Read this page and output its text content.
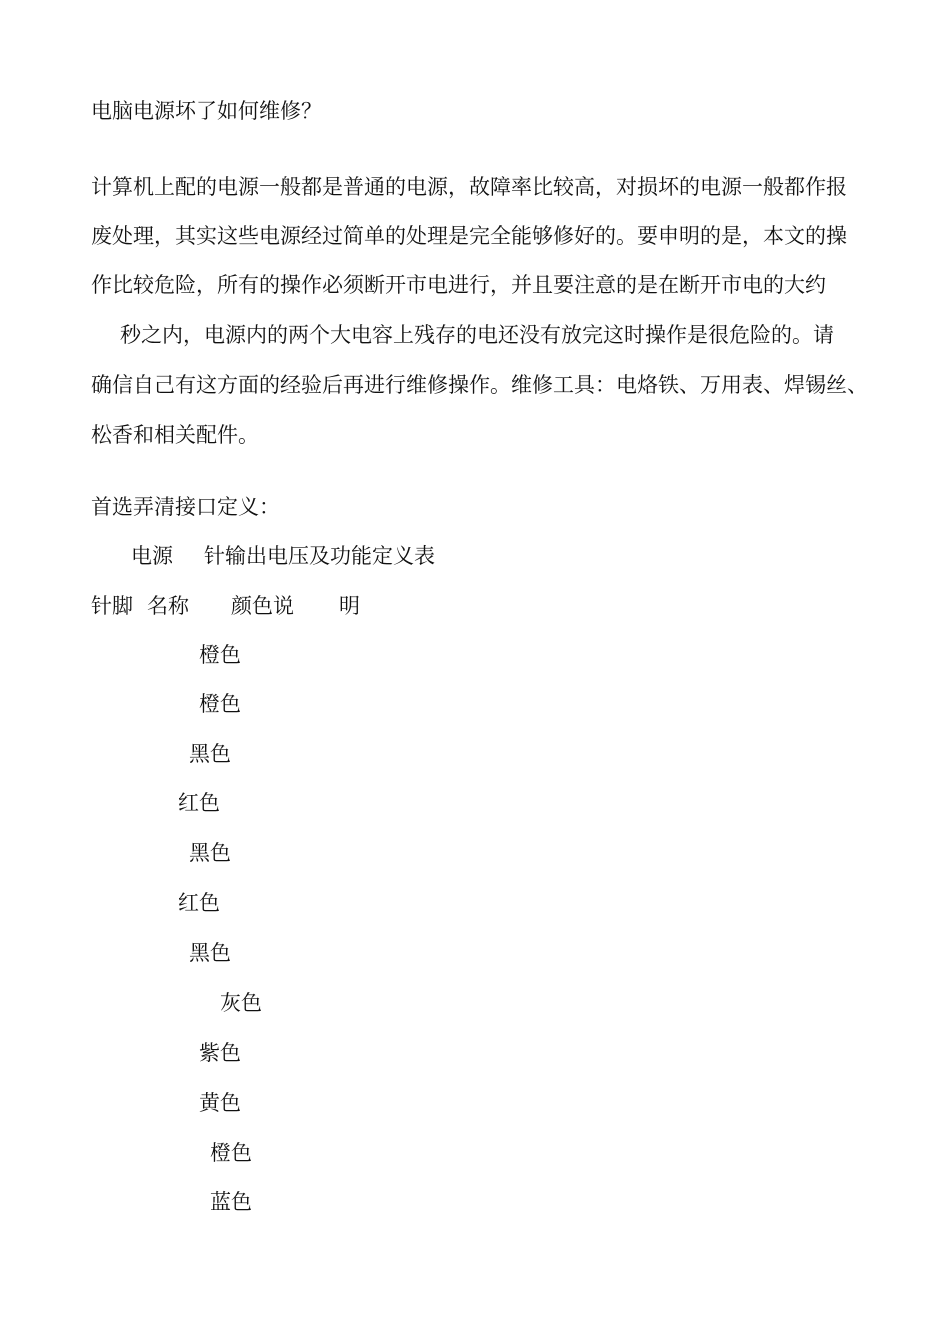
电脑电源坏了如何维修？

计算机上配的电源一般都是普通的电源，故障率比较高，对损坏的电源一般都作报

废处理，其实这些电源经过简单的处理是完全能够修好的。要申明的是，本文的操

作比较危险，所有的操作必须断开市电进行，并且要注意的是在断开市电的大约

秒之内，电源内的两个大电容上残存的电还没有放完这时操作是很危险的。请

确信自己有这方面的经验后再进行维修操作。维修工具：电烙铁、万用表、焊锡丝、

松香和相关配件。

首选弄清接口定义：

电源 针输出电压及功能定义表
针脚 名称 颜色说 明
橙色
橙色
黑色
红色
黑色
红色
黑色
灰色
紫色
黄色
橙色
蓝色
